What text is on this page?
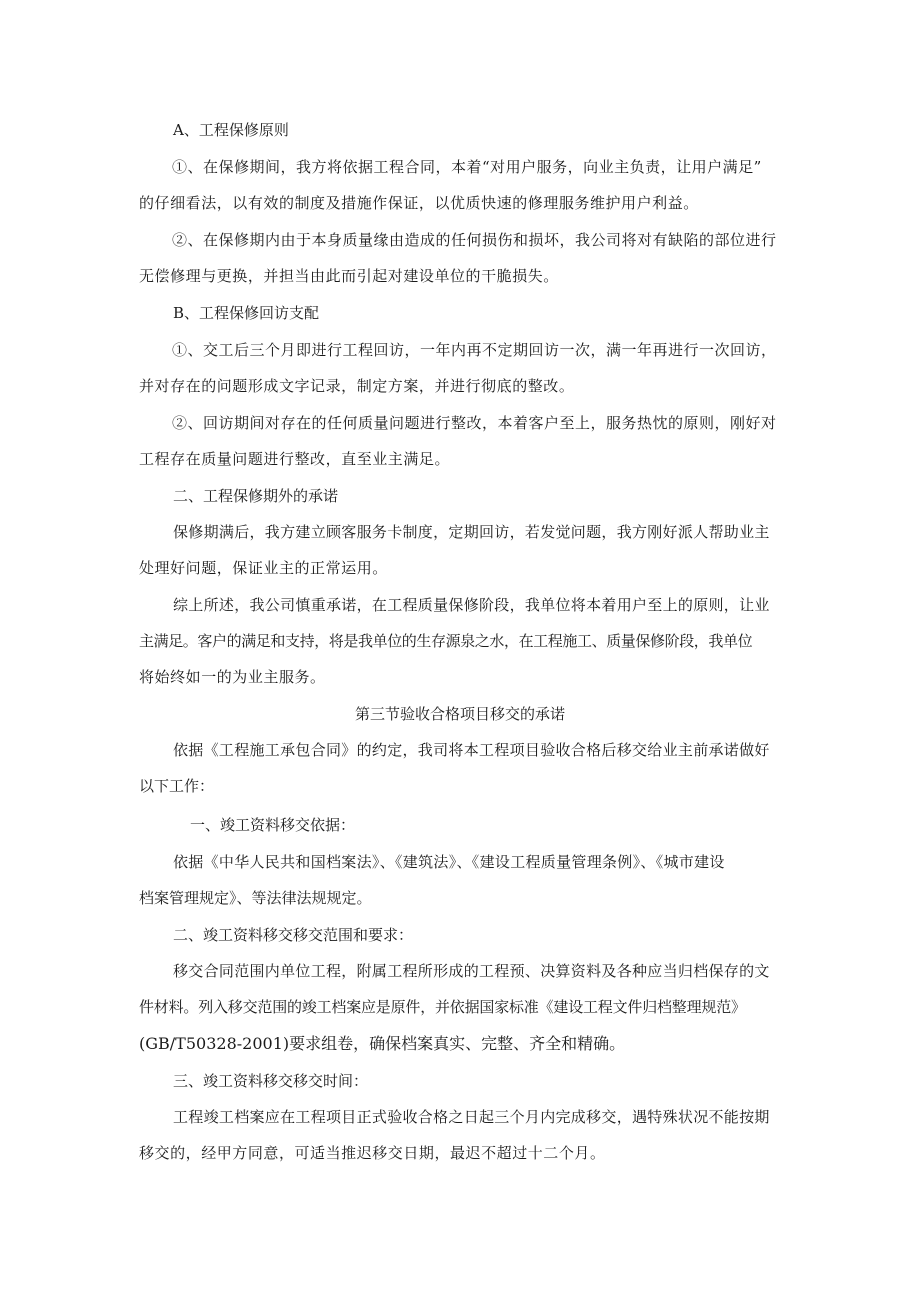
A、工程保修原则

①、在保修期间，我方将依据工程合同，本着“对用户服务，向业主负责，让用户满足”

的仔细看法，以有效的制度及措施作保证，以优质快速的修理服务维护用户利益。

②、在保修期内由于本身质量缘由造成的任何损伤和损坏，我公司将对有缺陷的部位进行

无偿修理与更换，并担当由此而引起对建设单位的干脆损失。

B、工程保修回访支配

①、交工后三个月即进行工程回访，一年内再不定期回访一次，满一年再进行一次回访，

并对存在的问题形成文字记录，制定方案，并进行彻底的整改。

②、回访期间对存在的任何质量问题进行整改，本着客户至上，服务热忱的原则，刚好对

工程存在质量问题进行整改，直至业主满足。

二、工程保修期外的承诺

保修期满后，我方建立顾客服务卡制度，定期回访，若发觉问题，我方刚好派人帮助业主

处理好问题，保证业主的正常运用。

综上所述，我公司慎重承诺，在工程质量保修阶段，我单位将本着用户至上的原则，让业

主满足。客户的满足和支持，将是我单位的生存源泉之水，在工程施工、质量保修阶段，我单位

将始终如一的为业主服务。

第三节验收合格项目移交的承诺

依据《工程施工承包合同》的约定，我司将本工程项目验收合格后移交给业主前承诺做好

以下工作：

一、竣工资料移交依据：

依据《中华人民共和国档案法》、《建筑法》、《建设工程质量管理条例》、《城市建设

档案管理规定》、等法律法规规定。

二、竣工资料移交移交范围和要求：

移交合同范围内单位工程，附属工程所形成的工程预、决算资料及各种应当归档保存的文

件材料。列入移交范围的竣工档案应是原件，并依据国家标准《建设工程文件归档整理规范》

(GB/T50328-2001)要求组卷，确保档案真实、完整、齐全和精确。

三、竣工资料移交移交时间：

工程竣工档案应在工程项目正式验收合格之日起三个月内完成移交，遇特殊状况不能按期

移交的，经甲方同意，可适当推迟移交日期，最迟不超过十二个月。
